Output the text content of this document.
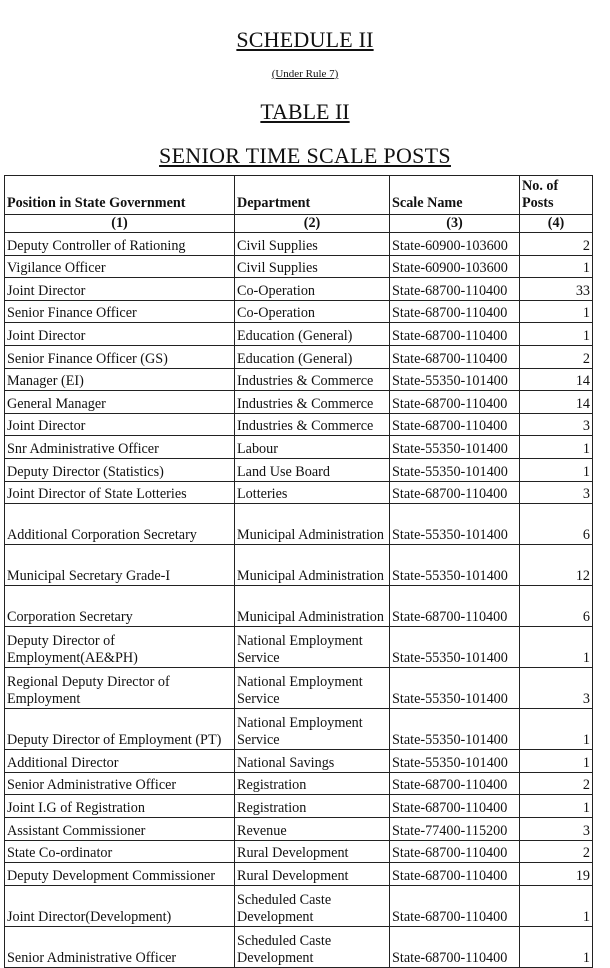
SCHEDULE II
(Under Rule 7)
TABLE II
SENIOR TIME SCALE POSTS
Position in State Government	Department	Scale Name	No. of Posts
(1)	(2)	(3)	(4)
Deputy Controller of Rationing	Civil Supplies	State-60900-103600	2
Vigilance Officer	Civil Supplies	State-60900-103600	1
Joint Director	Co-Operation	State-68700-110400	33
Senior Finance Officer	Co-Operation	State-68700-110400	1
Joint Director	Education (General)	State-68700-110400	1
Senior Finance Officer (GS)	Education (General)	State-68700-110400	2
Manager (EI)	Industries & Commerce	State-55350-101400	14
General Manager	Industries & Commerce	State-68700-110400	14
Joint Director	Industries & Commerce	State-68700-110400	3
Snr Administrative Officer	Labour	State-55350-101400	1
Deputy Director (Statistics)	Land Use Board	State-55350-101400	1
Joint Director of State Lotteries	Lotteries	State-68700-110400	3
Additional Corporation Secretary	Municipal Administration	State-55350-101400	6
Municipal Secretary Grade-I	Municipal Administration	State-55350-101400	12
Corporation Secretary	Municipal Administration	State-68700-110400	6
Deputy Director of Employment(AE&PH)	National Employment Service	State-55350-101400	1
Regional Deputy Director of Employment	National Employment Service	State-55350-101400	3
Deputy Director of Employment (PT)	National Employment Service	State-55350-101400	1
Additional Director	National Savings	State-55350-101400	1
Senior Administrative Officer	Registration	State-68700-110400	2
Joint I.G of Registration	Registration	State-68700-110400	1
Assistant Commissioner	Revenue	State-77400-115200	3
State Co-ordinator	Rural Development	State-68700-110400	2
Deputy Development Commissioner	Rural Development	State-68700-110400	19
Joint Director(Development)	Scheduled Caste Development	State-68700-110400	1
Senior Administrative Officer	Scheduled Caste Development	State-68700-110400	1
